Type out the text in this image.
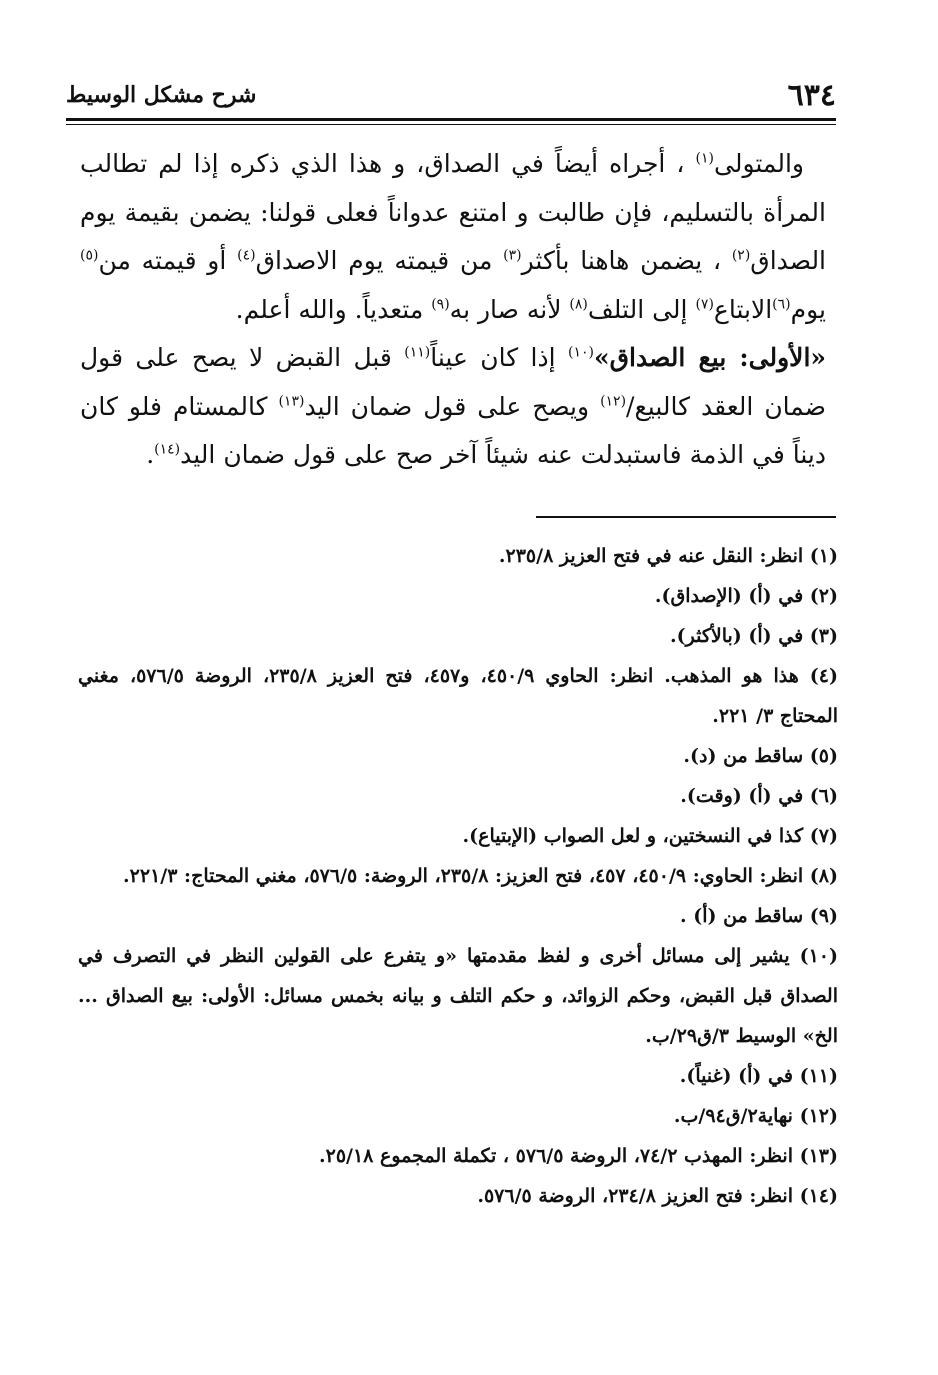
٦٣٤
شرح مشكل الوسيط

والمتولى$^{(١)}$ ، أجراه أيضاً في الصداق، و هذا الذي ذكره إذا لم تطالب المرأة بالتسليم، فإن طالبت و امتنع عدواناً فعلى قولنا: يضمن بقيمة يوم الصداق$^{(٢)}$ ، يضمن هاهنا بأكثر$^{(٣)}$ من قيمته يوم الاصداق$^{(٤)}$ أو قيمته من$^{(٥)}$ يوم$^{(٦)}$الابتاع$^{(٧)}$ إلى التلف$^{(٨)}$ لأنه صار به$^{(٩)}$ متعدياً. والله أعلم.

«الأولى: بيع الصداق»$^{(١٠)}$ إذا كان عيناً$^{(١١)}$ قبل القبض لا يصح على قول ضمان العقد كالبيع/$^{(١٢)}$ ويصح على قول ضمان اليد$^{(١٣)}$ كالمستام فلو كان ديناً في الذمة فاستبدلت عنه شيئاً آخر صح على قول ضمان اليد$^{(١٤)}$.

(١) انظر: النقل عنه في فتح العزيز ٢٣٥/٨.

(٢) في (أ) (الإصداق).

(٣) في (أ) (بالأكثر).

(٤) هذا هو المذهب. انظر: الحاوي ٤٥٠/٩، و٤٥٧، فتح العزيز ٢٣٥/٨، الروضة ٥٧٦/٥، مغني المحتاج ٣/ ٢٢١.

(٥) ساقط من (د).

(٦) في (أ) (وقت).

(٧) كذا في النسختين، و لعل الصواب (الإبتياع).

(٨) انظر: الحاوي: ٤٥٠/٩، ٤٥٧، فتح العزيز: ٢٣٥/٨، الروضة: ٥٧٦/٥، مغني المحتاج: ٢٢١/٣.

(٩) ساقط من (أ) .

(١٠) يشير إلى مسائل أخرى و لفظ مقدمتها «و يتفرع على القولين النظر في التصرف في الصداق قبل القبض، وحكم الزوائد، و حكم التلف و بيانه بخمس مسائل: الأولى: بيع الصداق ... الخ» الوسيط ٣/ق٢٩/ب.

(١١) في (أ) (غنياً).

(١٢) نهاية٢/ق٩٤/ب.

(١٣) انظر: المهذب ٧٤/٢، الروضة ٥٧٦/٥ ، تكملة المجموع ٢٥/١٨.

(١٤) انظر: فتح العزيز ٢٣٤/٨، الروضة ٥٧٦/٥.
